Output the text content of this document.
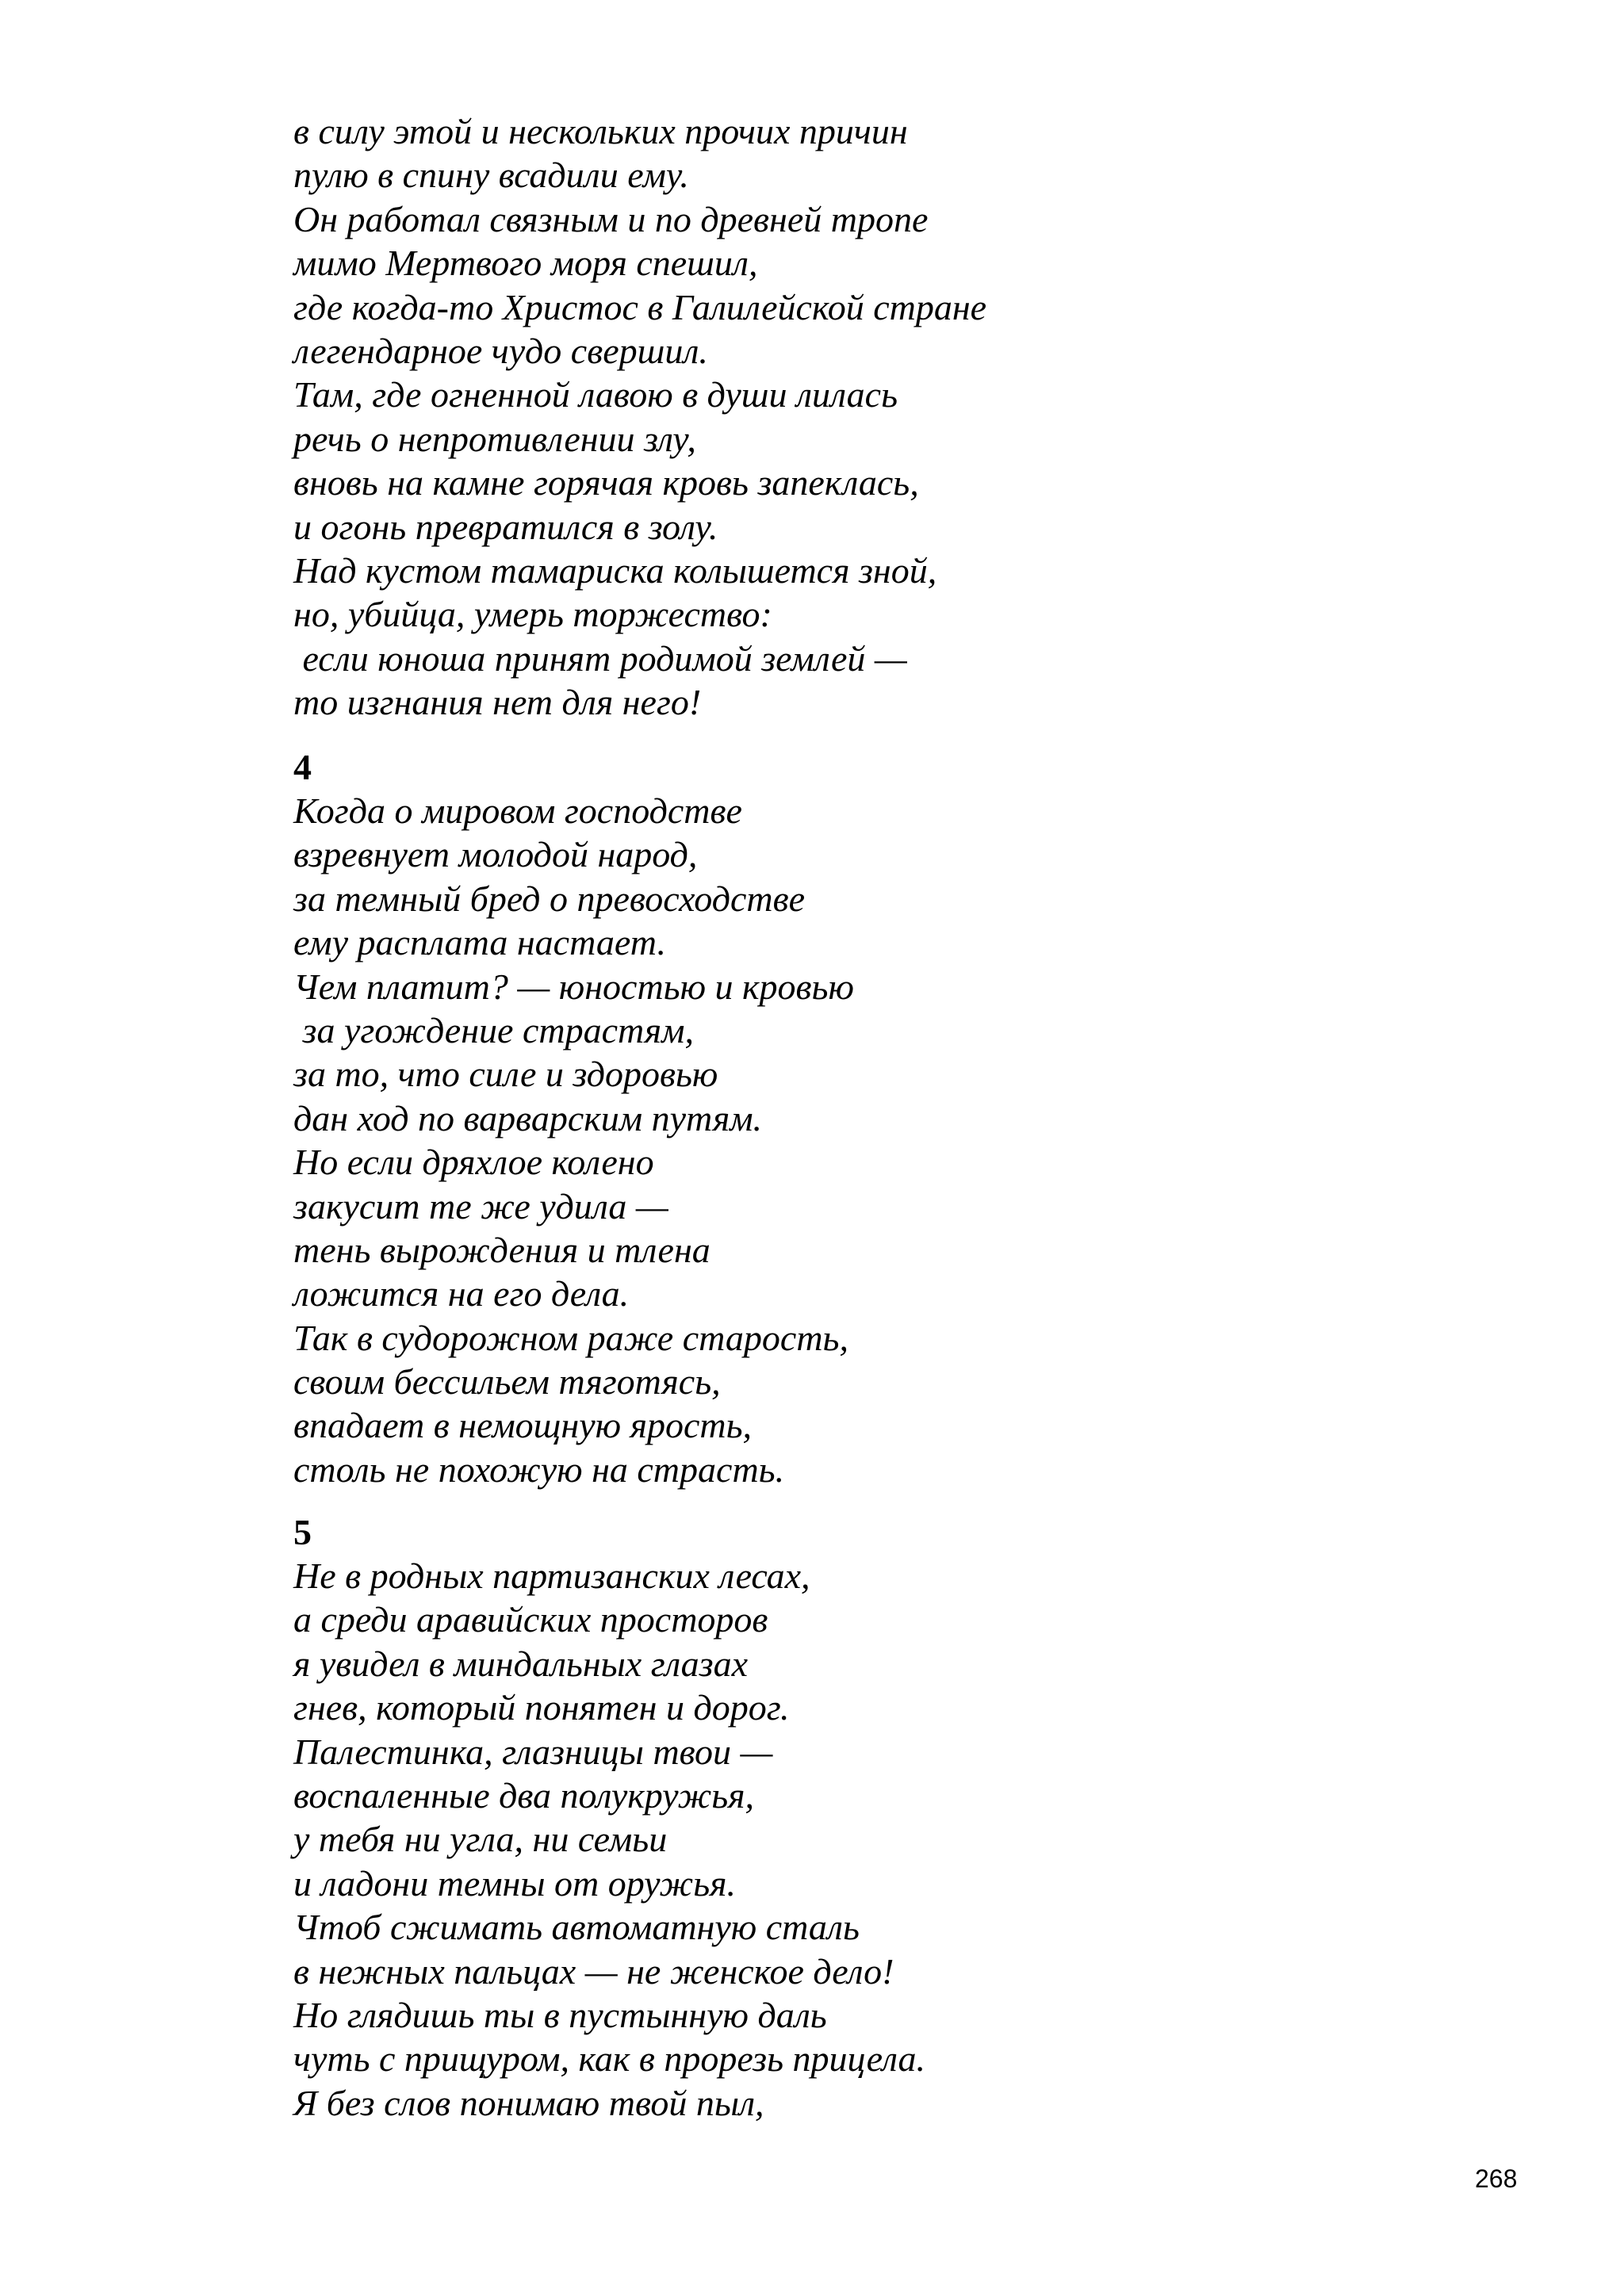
в силу этой и нескольких прочих причин
пулю в спину всадили ему.
Он работал связным и по древней тропе
мимо Мертвого моря спешил,
где когда-то Христос в Галилейской стране
легендарное чудо свершил.
Там, где огненной лавою в души лилась
речь о непротивлении злу,
вновь на камне горячая кровь запеклась,
и огонь превратился в золу.
Над кустом тамариска колышется зной,
но, убийца, умерь торжество:
если юноша принят родимой землей —
то изгнания нет для него!
4
Когда о мировом господстве
взревнует молодой народ,
за темный бред о превосходстве
ему расплата настает.
Чем платит? — юностью и кровью
за угождение страстям,
за то, что силе и здоровью
дан ход по варварским путям.
Но если дряхлое колено
закусит те же удила —
тень вырождения и тлена
ложится на его дела.
Так в судорожном раже старость,
своим бессильем тяготясь,
впадает в немощную ярость,
столь не похожую на страсть.
5
Не в родных партизанских лесах,
а среди аравийских просторов
я увидел в миндальных глазах
гнев, который понятен и дорог.
Палестинка, глазницы твои —
воспаленные два полукружья,
у тебя ни угла, ни семьи
и ладони темны от оружья.
Чтоб сжимать автоматную сталь
в нежных пальцах — не женское дело!
Но глядишь ты в пустынную даль
чуть с прищуром, как в прорезь прицела.
Я без слов понимаю твой пыл,
268
